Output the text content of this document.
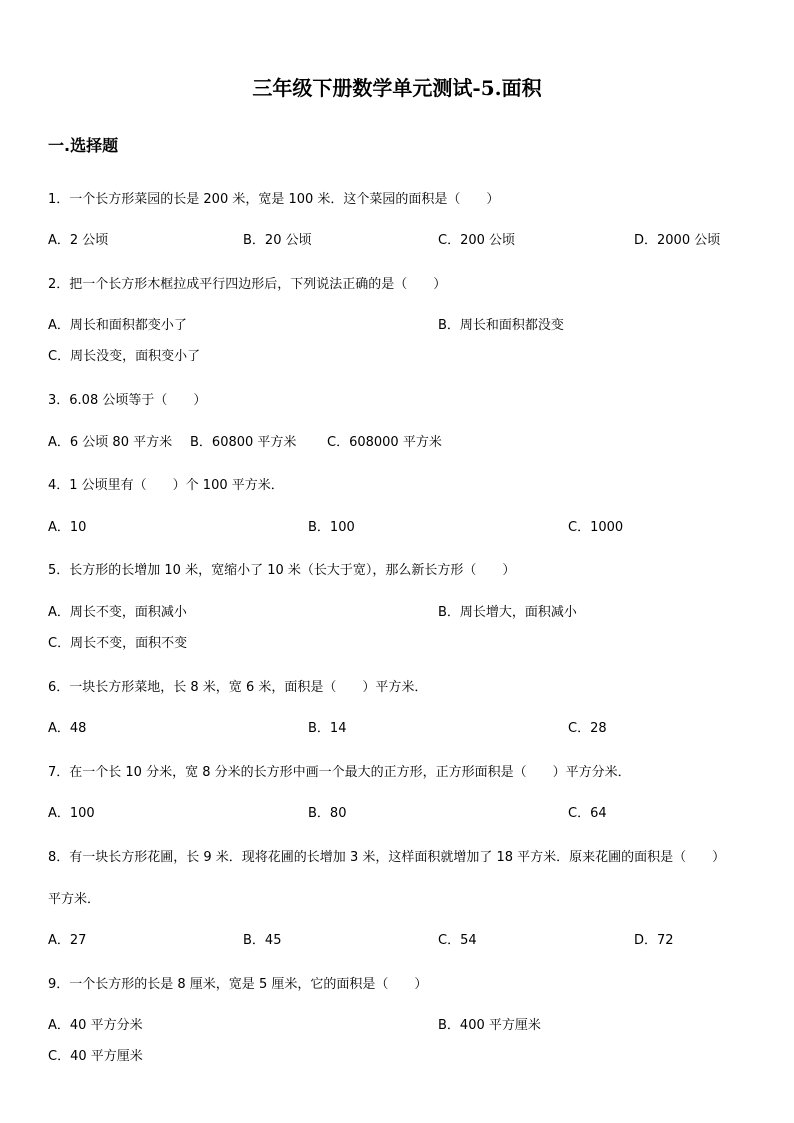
三年级下册数学单元测试-5.面积
一.选择题
1．一个长方形菜园的长是 200 米，宽是 100 米．这个菜园的面积是（　　）
A．2 公顷	B．20 公顷	C．200 公顷	D．2000 公顷
2．把一个长方形木框拉成平行四边形后，下列说法正确的是（　　）
A．周长和面积都变小了	B．周长和面积都没变
C．周长没变，面积变小了
3．6.08 公顷等于（　　）
A．6 公顷 80 平方米 B．60800 平方米 C．608000 平方米
4．1 公顷里有（　　）个 100 平方米．
A．10	B．100	C．1000
5．长方形的长增加 10 米，宽缩小了 10 米（长大于宽），那么新长方形（　　）
A．周长不变，面积减小	B．周长增大，面积减小
C．周长不变，面积不变
6．一块长方形菜地，长 8 米，宽 6 米，面积是（　　）平方米．
A．48	B．14	C．28
7．在一个长 10 分米，宽 8 分米的长方形中画一个最大的正方形，正方形面积是（　　）平方分米．
A．100	B．80	C．64
8．有一块长方形花圃，长 9 米．现将花圃的长增加 3 米，这样面积就增加了 18 平方米．原来花圃的面积是（　　）
平方米．
A．27	B．45	C．54	D．72
9．一个长方形的长是 8 厘米，宽是 5 厘米，它的面积是（　　）
A．40 平方分米	B．400 平方厘米
C．40 平方厘米
